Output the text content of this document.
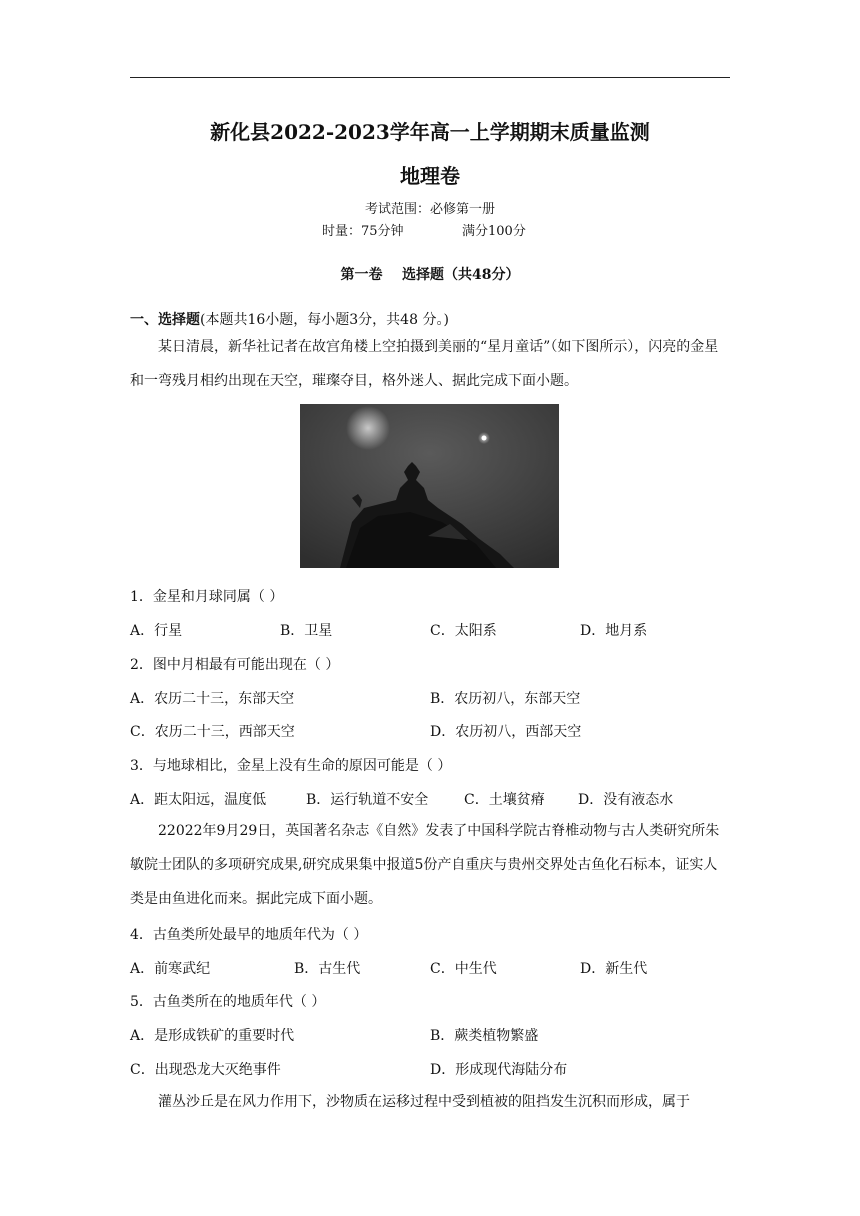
新化县2022-2023学年高一上学期期末质量监测
地理卷
考试范围：必修第一册
时量：75分钟	满分100分
第一卷    选择题（共48分）
一、选择题(本题共16小题，每小题3分，共48 分。)
某日清晨，新华社记者在故宫角楼上空拍摄到美丽的“星月童话”（如下图所示），闪亮的金星和一弯残月相约出现在天空，璀璨夺目，格外迷人、据此完成下面小题。
1．金星和月球同属（ ）
A．行星	B．卫星	C．太阳系	D．地月系
2．图中月相最有可能出现在（ ）
A．农历二十三，东部天空	B．农历初八，东部天空
C．农历二十三，西部天空	D．农历初八，西部天空
3．与地球相比，金星上没有生命的原因可能是（ ）
A．距太阳远，温度低	B．运行轨道不安全	C．土壤贫瘠 D．没有液态水
22022年9月29日，英国著名杂志《自然》发表了中国科学院古脊椎动物与古人类研究所朱敏院士团队的多项研究成果,研究成果集中报道5份产自重庆与贵州交界处古鱼化石标本，证实人类是由鱼进化而来。据此完成下面小题。
4．古鱼类所处最早的地质年代为（ ）
A．前寒武纪	B．古生代	C．中生代	D．新生代
5．古鱼类所在的地质年代（ ）
A．是形成铁矿的重要时代	B．蕨类植物繁盛
C．出现恐龙大灭绝事件	D．形成现代海陆分布
灌丛沙丘是在风力作用下，沙物质在运移过程中受到植被的阻挡发生沉积而形成，属于
